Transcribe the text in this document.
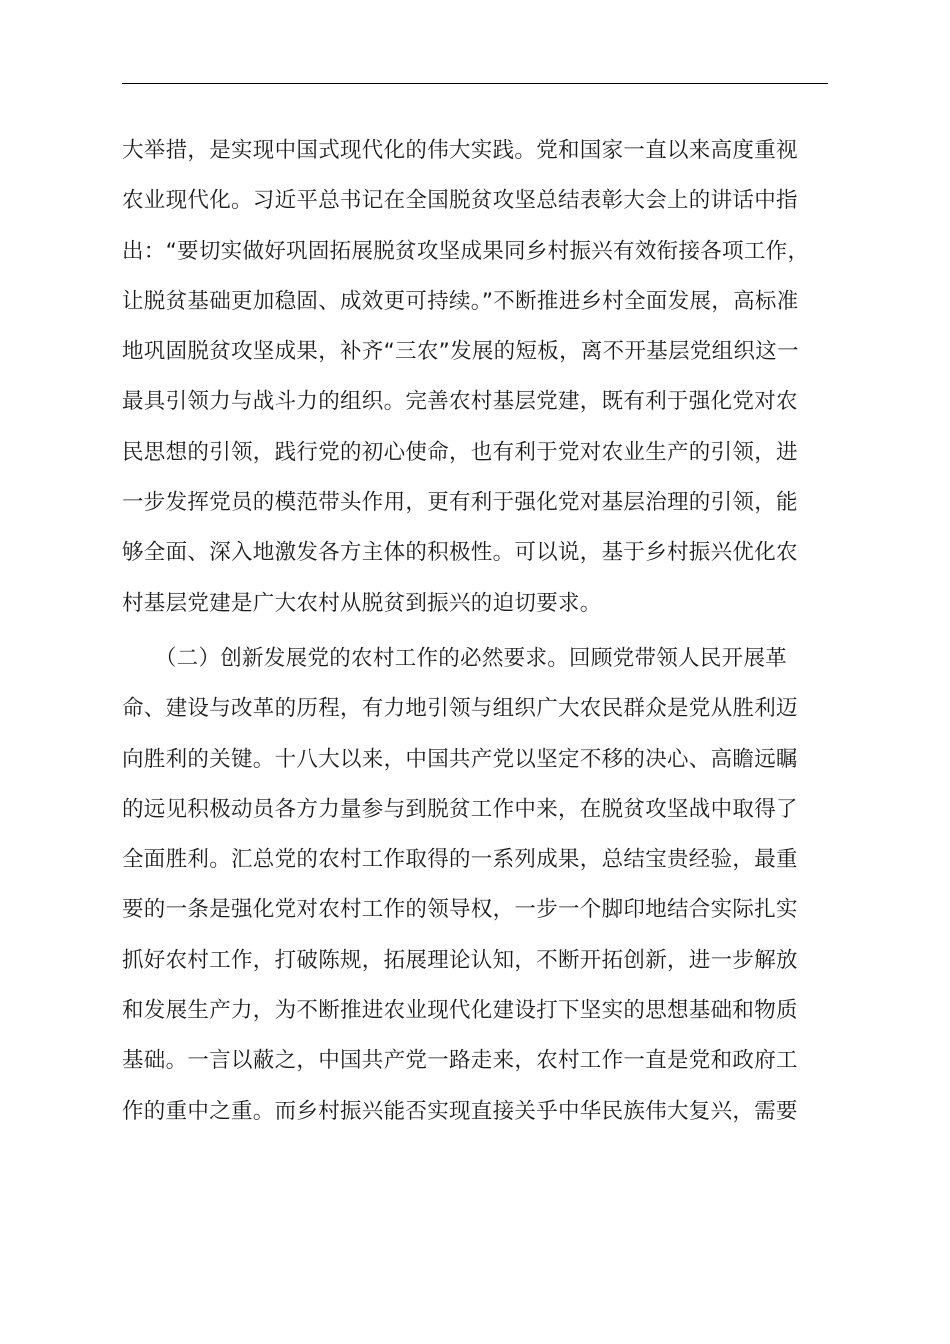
大举措，是实现中国式现代化的伟大实践。党和国家一直以来高度重视
农业现代化。习近平总书记在全国脱贫攻坚总结表彰大会上的讲话中指
出：“要切实做好巩固拓展脱贫攻坚成果同乡村振兴有效衔接各项工作，
让脱贫基础更加稳固、成效更可持续。”不断推进乡村全面发展，高标准
地巩固脱贫攻坚成果，补齐“三农”发展的短板，离不开基层党组织这一
最具引领力与战斗力的组织。完善农村基层党建，既有利于强化党对农
民思想的引领，践行党的初心使命，也有利于党对农业生产的引领，进
一步发挥党员的模范带头作用，更有利于强化党对基层治理的引领，能
够全面、深入地激发各方主体的积极性。可以说，基于乡村振兴优化农
村基层党建是广大农村从脱贫到振兴的迫切要求。
　　（二）创新发展党的农村工作的必然要求。回顾党带领人民开展革
命、建设与改革的历程，有力地引领与组织广大农民群众是党从胜利迈
向胜利的关键。十八大以来，中国共产党以坚定不移的决心、高瞻远瞩
的远见积极动员各方力量参与到脱贫工作中来，在脱贫攻坚战中取得了
全面胜利。汇总党的农村工作取得的一系列成果，总结宝贵经验，最重
要的一条是强化党对农村工作的领导权，一步一个脚印地结合实际扎实
抓好农村工作，打破陈规，拓展理论认知，不断开拓创新，进一步解放
和发展生产力，为不断推进农业现代化建设打下坚实的思想基础和物质
基础。一言以蔽之，中国共产党一路走来，农村工作一直是党和政府工
作的重中之重。而乡村振兴能否实现直接关乎中华民族伟大复兴，需要
